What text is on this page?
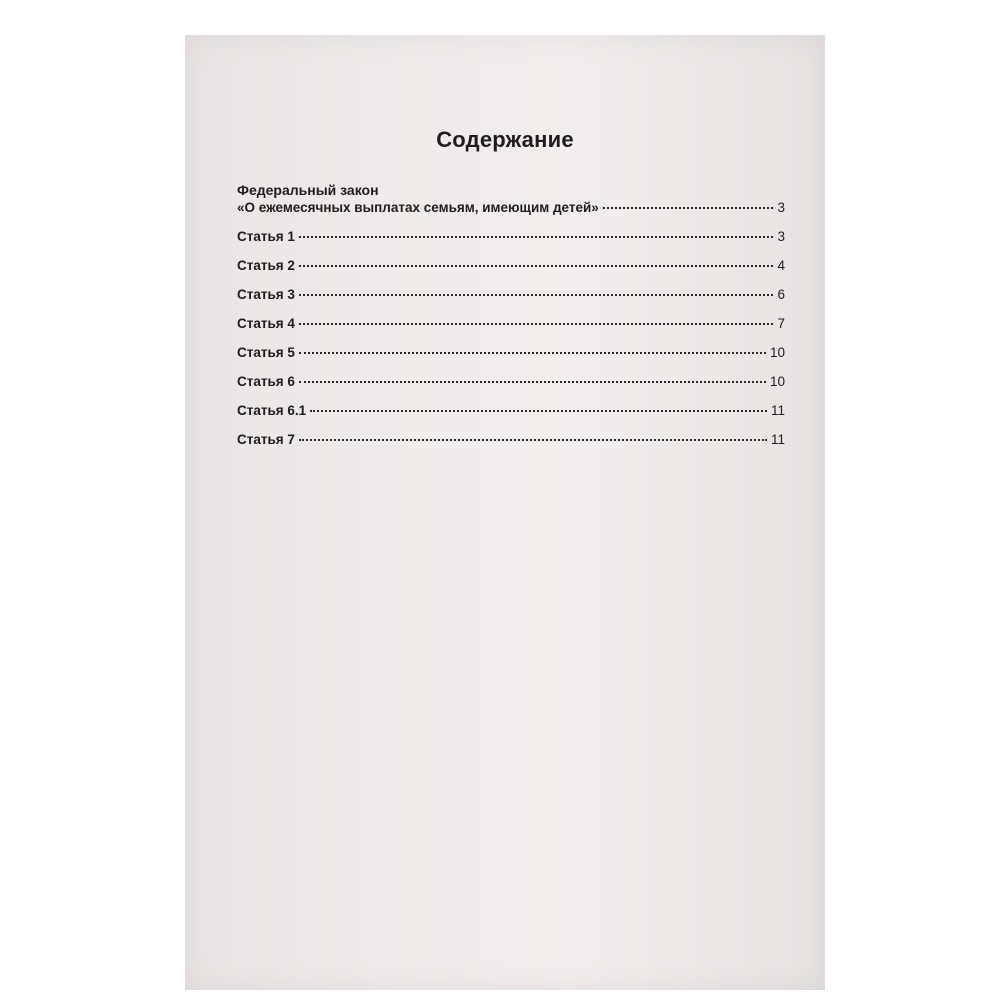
Содержание
Федеральный закон
«О ежемесячных выплатах семьям, имеющим детей»	3
Статья 1	3
Статья 2	4
Статья 3	6
Статья 4	7
Статья 5	10
Статья 6	10
Статья 6.1	11
Статья 7	11
